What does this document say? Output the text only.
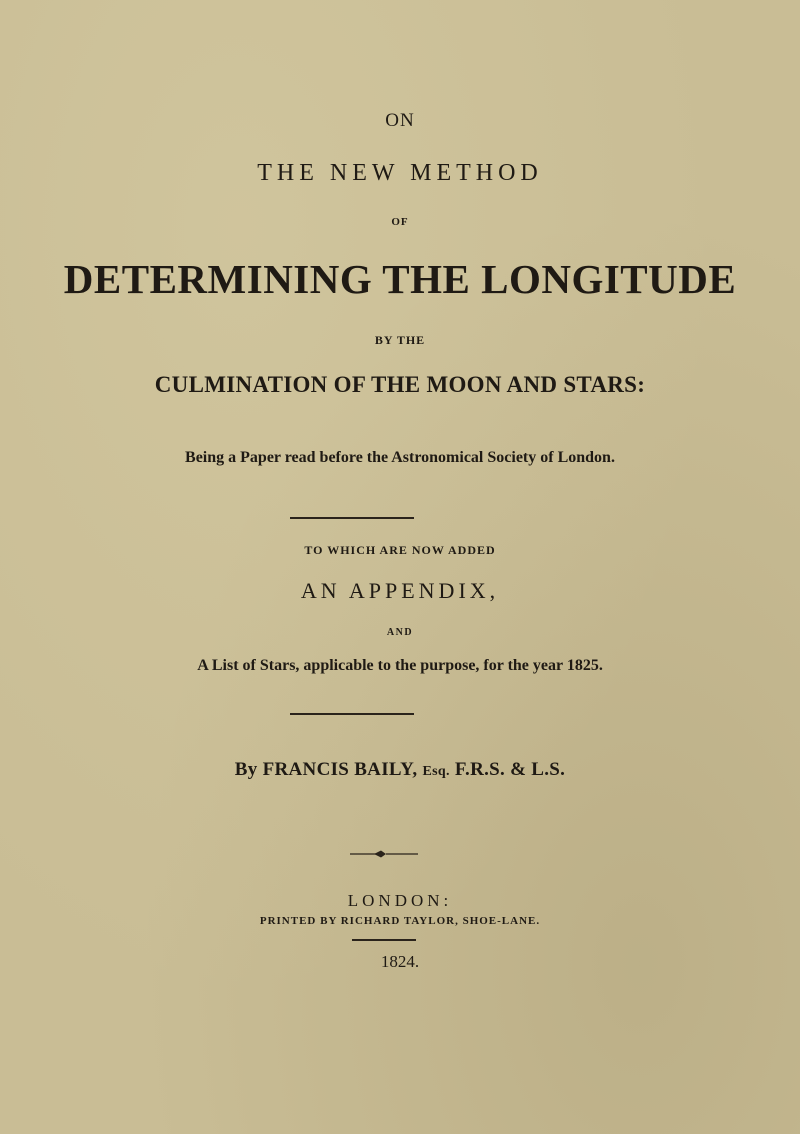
ON

THE NEW METHOD

OF

DETERMINING THE LONGITUDE

BY THE

CULMINATION OF THE MOON AND STARS:

Being a Paper read before the Astronomical Society of London.

TO WHICH ARE NOW ADDED

AN APPENDIX,

AND

A List of Stars, applicable to the purpose, for the year 1825.

By FRANCIS BAILY, Esq. F.R.S. & L.S.

LONDON:

PRINTED BY RICHARD TAYLOR, SHOE-LANE.

1824.
